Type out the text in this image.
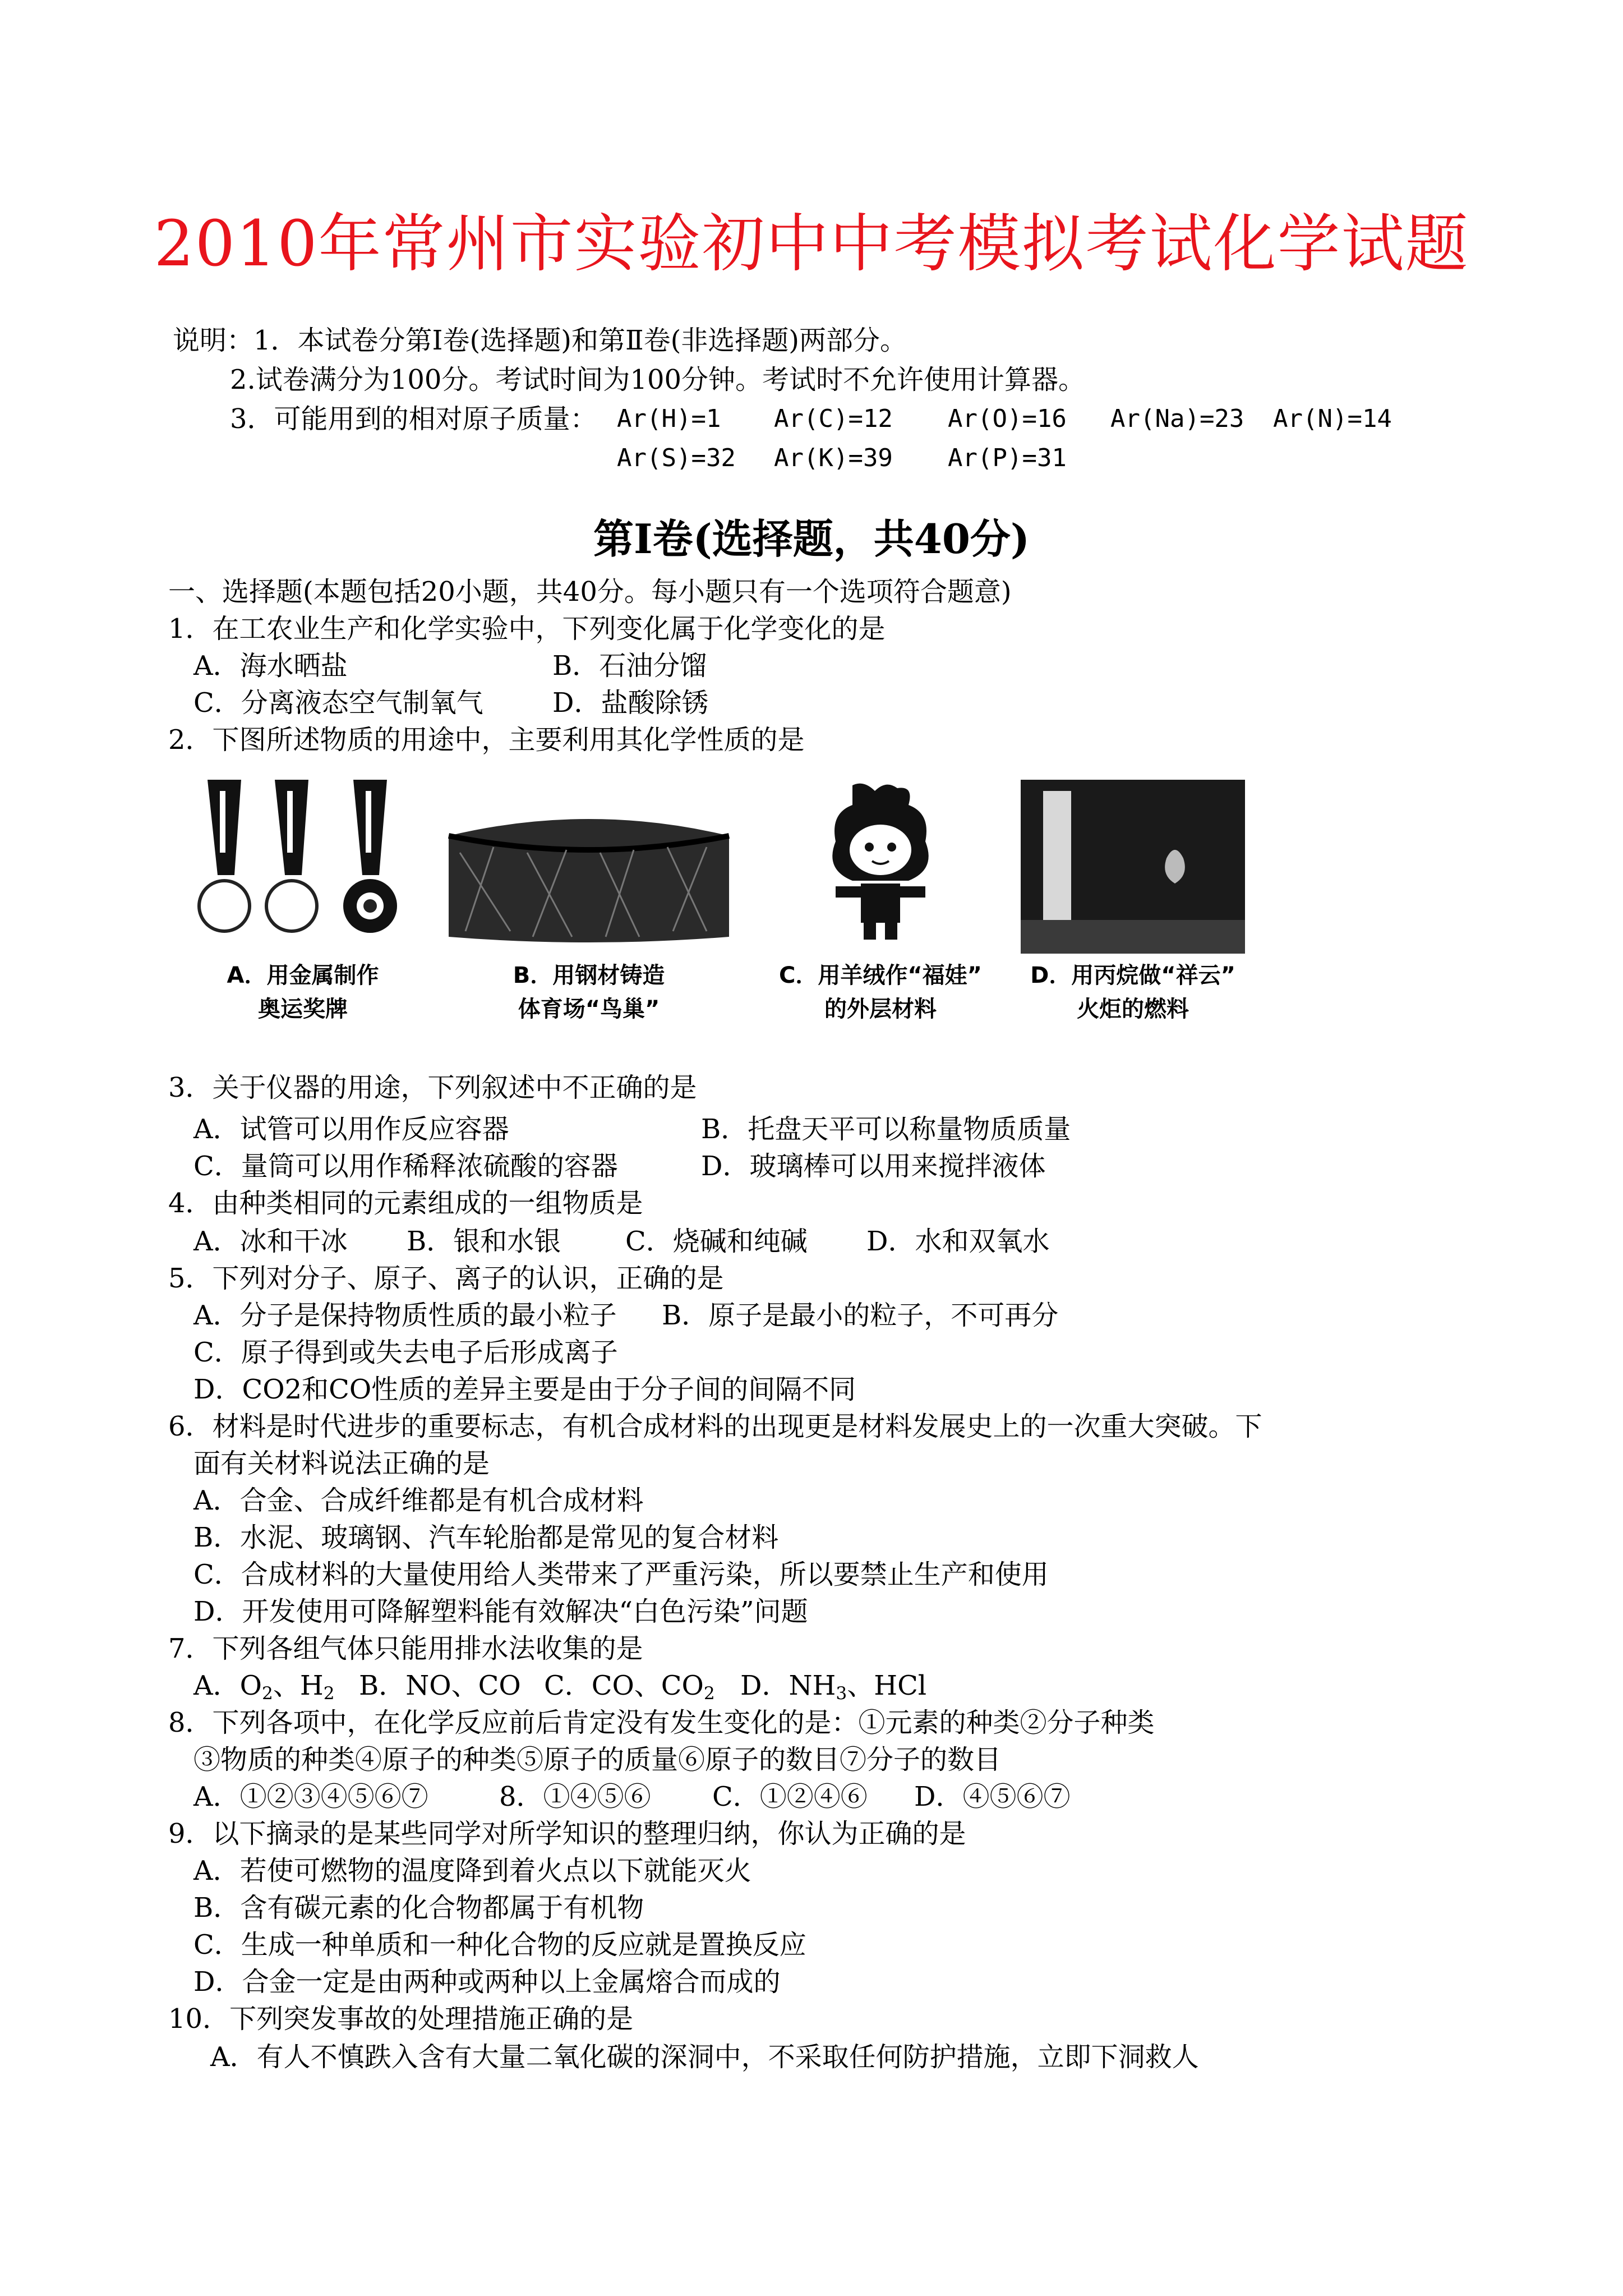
2010年常州市实验初中中考模拟考试化学试题
说明：1．本试卷分第Ⅰ卷(选择题)和第Ⅱ卷(非选择题)两部分。
2.试卷满分为100分。考试时间为100分钟。考试时不允许使用计算器。
3．可能用到的相对原子质量： Ar(H)=1 Ar(C)=12 Ar(O)=16 Ar(Na)=23 Ar(N)=14
Ar(S)=32 Ar(K)=39 Ar(P)=31
第Ⅰ卷(选择题，共40分)
一、选择题(本题包括20小题，共40分。每小题只有一个选项符合题意)
1．在工农业生产和化学实验中，下列变化属于化学变化的是
A．海水晒盐	B．石油分馏
C．分离液态空气制氧气	D．盐酸除锈
2．下图所述物质的用途中，主要利用其化学性质的是
A．用金属制作
奥运奖牌
B．用钢材铸造
体育场“鸟巢”
C．用羊绒作“福娃”
的外层材料
D．用丙烷做“祥云”
火炬的燃料
3．关于仪器的用途，下列叙述中不正确的是
A．试管可以用作反应容器	B．托盘天平可以称量物质质量
C．量筒可以用作稀释浓硫酸的容器	D．玻璃棒可以用来搅拌液体
4．由种类相同的元素组成的一组物质是
A．冰和干冰 B．银和水银 C．烧碱和纯碱 D．水和双氧水
5．下列对分子、原子、离子的认识，正确的是
A．分子是保持物质性质的最小粒子 B．原子是最小的粒子，不可再分
C．原子得到或失去电子后形成离子
D．CO2和CO性质的差异主要是由于分子间的间隔不同
6．材料是时代进步的重要标志，有机合成材料的出现更是材料发展史上的一次重大突破。下
面有关材料说法正确的是
A．合金、合成纤维都是有机合成材料
B．水泥、玻璃钢、汽车轮胎都是常见的复合材料
C．合成材料的大量使用给人类带来了严重污染，所以要禁止生产和使用
D．开发使用可降解塑料能有效解决“白色污染”问题
7．下列各组气体只能用排水法收集的是
A．$O_2$、$H_2$ B．NO、CO C．CO、$CO_2$ D．$NH_3$、HCl
8．下列各项中，在化学反应前后肯定没有发生变化的是：①元素的种类②分子种类
③物质的种类④原子的种类⑤原子的质量⑥原子的数目⑦分子的数目
A．①②③④⑤⑥⑦	8．①④⑤⑥ C．①②④⑥ D．④⑤⑥⑦
9．以下摘录的是某些同学对所学知识的整理归纳，你认为正确的是
A．若使可燃物的温度降到着火点以下就能灭火
B．含有碳元素的化合物都属于有机物
C．生成一种单质和一种化合物的反应就是置换反应
D．合金一定是由两种或两种以上金属熔合而成的
10．下列突发事故的处理措施正确的是
A．有人不慎跌入含有大量二氧化碳的深洞中，不采取任何防护措施，立即下洞救人
